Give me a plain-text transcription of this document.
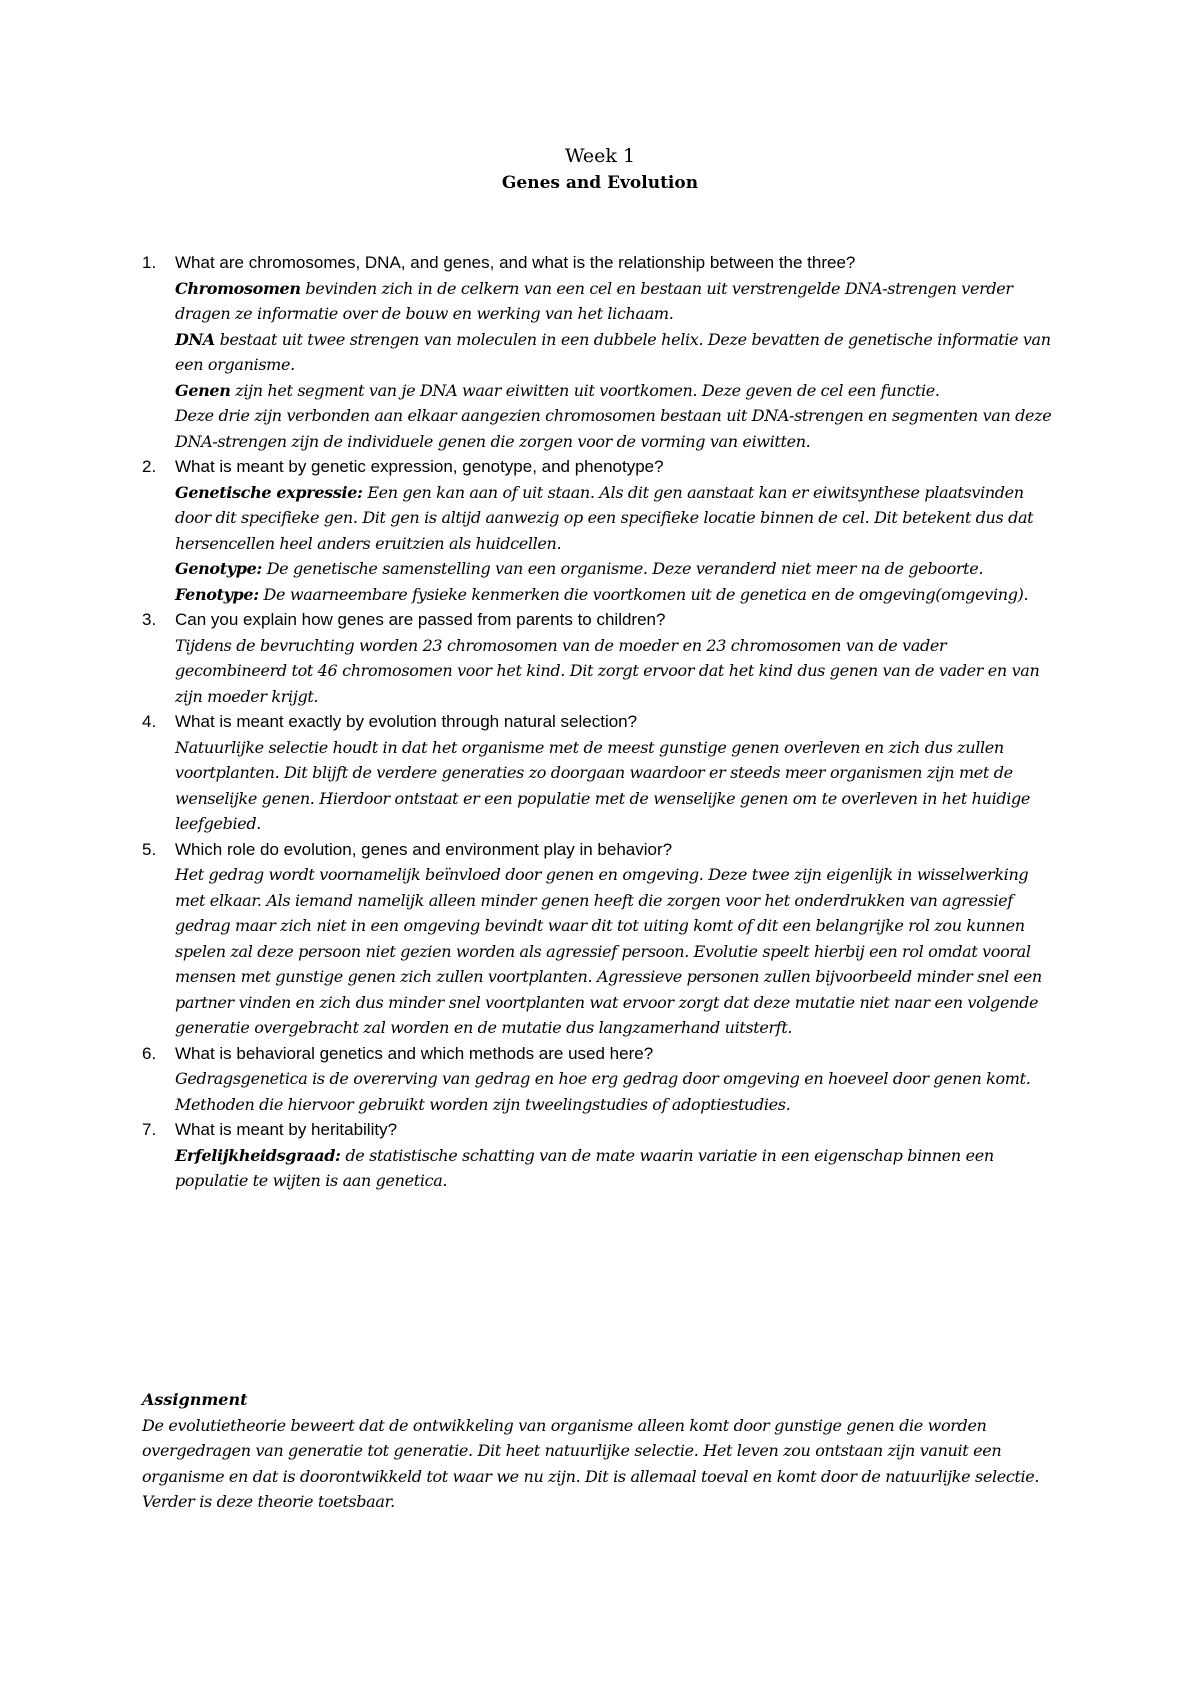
Week 1
Genes and Evolution
1. What are chromosomes, DNA, and genes, and what is the relationship between the three?

Chromosomen bevinden zich in de celkern van een cel en bestaan uit verstrengelde DNA-strengen verder dragen ze informatie over de bouw en werking van het lichaam.

DNA bestaat uit twee strengen van moleculen in een dubbele helix. Deze bevatten de genetische informatie van een organisme.

Genen zijn het segment van je DNA waar eiwitten uit voortkomen. Deze geven de cel een functie.

Deze drie zijn verbonden aan elkaar aangezien chromosomen bestaan uit DNA-strengen en segmenten van deze DNA-strengen zijn de individuele genen die zorgen voor de vorming van eiwitten.

2. What is meant by genetic expression, genotype, and phenotype?

Genetische expressie: Een gen kan aan of uit staan. Als dit gen aanstaat kan er eiwitsynthese plaatsvinden door dit specifieke gen. Dit gen is altijd aanwezig op een specifieke locatie binnen de cel. Dit betekent dus dat hersencellen heel anders eruitzien als huidcellen.

Genotype: De genetische samenstelling van een organisme. Deze veranderd niet meer na de geboorte.

Fenotype: De waarneembare fysieke kenmerken die voortkomen uit de genetica en de omgeving(omgeving).

3. Can you explain how genes are passed from parents to children?

Tijdens de bevruchting worden 23 chromosomen van de moeder en 23 chromosomen van de vader gecombineerd tot 46 chromosomen voor het kind. Dit zorgt ervoor dat het kind dus genen van de vader en van zijn moeder krijgt.

4. What is meant exactly by evolution through natural selection?

Natuurlijke selectie houdt in dat het organisme met de meest gunstige genen overleven en zich dus zullen voortplanten. Dit blijft de verdere generaties zo doorgaan waardoor er steeds meer organismen zijn met de wenselijke genen. Hierdoor ontstaat er een populatie met de wenselijke genen om te overleven in het huidige leefgebied.

5. Which role do evolution, genes and environment play in behavior?

Het gedrag wordt voornamelijk beïnvloed door genen en omgeving. Deze twee zijn eigenlijk in wisselwerking met elkaar. Als iemand namelijk alleen minder genen heeft die zorgen voor het onderdrukken van agressief gedrag maar zich niet in een omgeving bevindt waar dit tot uiting komt of dit een belangrijke rol zou kunnen spelen zal deze persoon niet gezien worden als agressief persoon. Evolutie speelt hierbij een rol omdat vooral mensen met gunstige genen zich zullen voortplanten. Agressieve personen zullen bijvoorbeeld minder snel een partner vinden en zich dus minder snel voortplanten wat ervoor zorgt dat deze mutatie niet naar een volgende generatie overgebracht zal worden en de mutatie dus langzamerhand uitsterft.

6. What is behavioral genetics and which methods are used here?

Gedragsgenetica is de overerving van gedrag en hoe erg gedrag door omgeving en hoeveel door genen komt.

Methoden die hiervoor gebruikt worden zijn tweelingstudies of adoptiestudies.

7. What is meant by heritability?

Erfelijkheidsgraad: de statistische schatting van de mate waarin variatie in een eigenschap binnen een populatie te wijten is aan genetica.

Assignment

De evolutietheorie beweert dat de ontwikkeling van organisme alleen komt door gunstige genen die worden overgedragen van generatie tot generatie. Dit heet natuurlijke selectie. Het leven zou ontstaan zijn vanuit een organisme en dat is doorontwikkeld tot waar we nu zijn. Dit is allemaal toeval en komt door de natuurlijke selectie. Verder is deze theorie toetsbaar.
